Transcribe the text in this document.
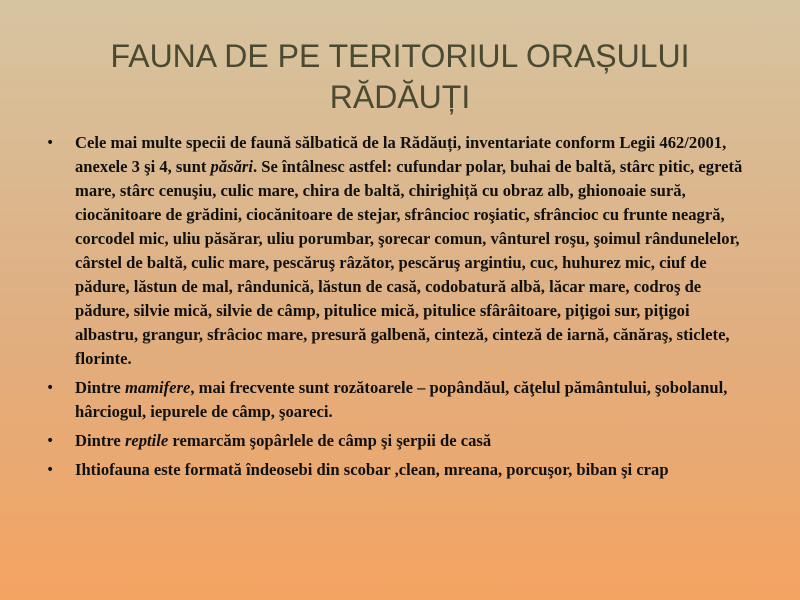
FAUNA DE PE TERITORIUL ORAȘULUI
RĂDĂUȚI
• Cele mai multe specii de faună sălbatică de la Rădăuți, inventariate conform Legii 462/2001, anexele 3 şi 4, sunt păsări. Se întâlnesc astfel: cufundar polar, buhai de baltă, stârc pitic, egretă mare, stârc cenuşiu, culic mare, chira de baltă, chirighiță cu obraz alb, ghionoaie sură, ciocănitoare de grădini, ciocănitoare de stejar, sfrâncioc roşiatic, sfrâncioc cu frunte neagră, corcodel mic, uliu păsărar, uliu porumbar, şorecar comun, vânturel roşu, şoimul rândunelelor, cârstel de baltă, culic mare, pescăruş râzător, pescăruş argintiu, cuc, huhurez mic, ciuf de pădure, lăstun de mal, rândunică, lăstun de casă, codobatură albă, lăcar mare, codroş de pădure, silvie mică, silvie de câmp, pitulice mică, pitulice sfârâitoare, piţigoi sur, piţigoi albastru, grangur, sfrâcioc mare, presură galbenă, cinteză, cinteză de iarnă, cănăraş, sticlete, florinte.
• Dintre mamifere, mai frecvente sunt rozătoarele – popândăul, căţelul pământului, şobolanul, hârciogul, iepurele de câmp, şoareci.
• Dintre reptile remarcăm şopârlele de câmp şi şerpii de casă
• Ihtiofauna este formată îndeosebi din scobar ,clean, mreana, porcuşor, biban şi crap
